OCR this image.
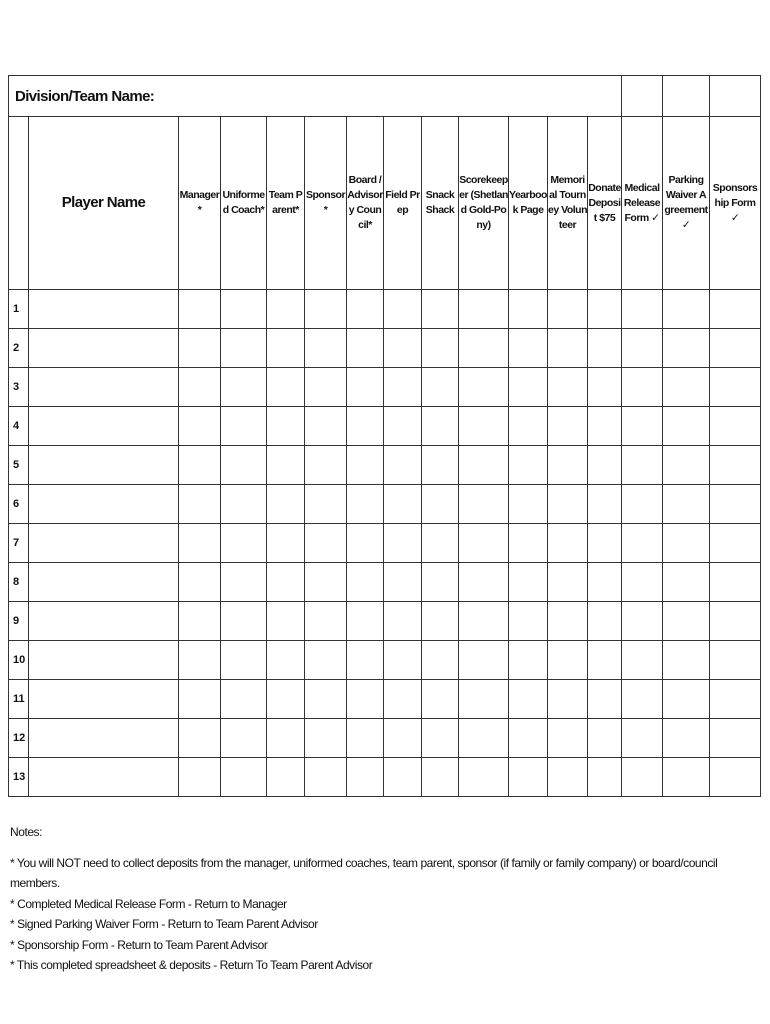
Division/Team Name:															
	Player Name	Manager*	Uniformed Coach*	Team Parent*	Sponsor*	Board / Advisory Council*	Field Prep	Snack Shack	Scorekeeper (Shetland Gold-Pony)	Yearbook Page	Memorial Tourney Volunteer	Donate Deposit $75	Medical Release Form ✓	Parking Waiver Agreement ✓	Sponsorship Form ✓

1															
2															
3															
4															
5															
6															
7															
8															
9															
10															
11															
12															
13															
Notes:
* You will NOT need to collect deposits from the manager, uniformed coaches, team parent, sponsor (if family or family company) or board/council members.
* Completed Medical Release Form - Return to Manager
* Signed Parking Waiver Form - Return to Team Parent Advisor
* Sponsorship Form - Return to Team Parent Advisor
* This completed spreadsheet & deposits - Return To Team Parent Advisor
